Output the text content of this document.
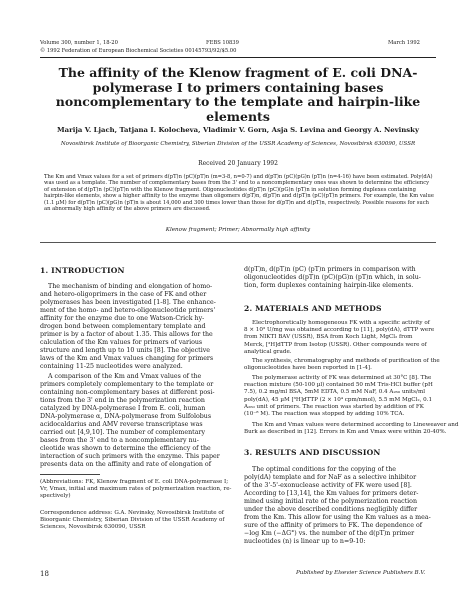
Volume 300, number 1, 18-20	FEBS 10839	March 1992
© 1992 Federation of European Biochemical Societies 00145793/92/$5.00
The affinity of the Klenow fragment of E. coli DNA-polymerase I to primers containing bases noncomplementary to the template and hairpin-like elements
Marija V. Ljach, Tatjana I. Kolocheva, Vladimir V. Gorn, Asja S. Levina and Georgy A. Nevinsky
Novosibirsk Institute of Bioorganic Chemistry, Siberian Division of the USSR Academy of Sciences, Novosibirsk 630090, USSR
Received 20 January 1992
The Km and Vmax values for a set of primers d(pT)n (pC)(pT)n (m=3-8, n=0-7) and d(pT)n (pC)(pG)n (pT)n (n=4-16) have been estimated. Poly(dA)
was used as a template. The number of complementary bases from the 3' end to a noncomplementary ones was shown to determine the efficiency
of extension of d(pT)n (pC)(pT)n with the Klenow fragment. Oligonucleotides d(pT)n (pC)(pG)n (pT)n in solution forming duplexes containing
hairpin-like elements, show a higher affinity to the enzyme than oligomers d(pT)n, d(pT)n and d(pT)n (pC)(pT)n primers. For example, the Km value
(1.1 µM) for d(pT)n (pC)(pG)n (pT)n is about 14,000 and 300 times lower than those for d(pT)n and d(pT)n, respectively. Possible reasons for such
an abnormally high affinity of the above primers are discussed.
Klenow fragment; Primer; Abnormally high affinity
1. INTRODUCTION
The mechanism of binding and elongation of homo-
and hetero-oligoprimers in the case of FK and other
polymerases has been investigated [1-8]. The enhance-
ment of the homo- and hetero-oligonucleotide primers'
affinity for the enzyme due to one Watson-Crick hy-
drogen bond between complementary template and
primer is by a factor of about 1.35. This allows for the
calculation of the Km values for primers of various
structure and length up to 10 units [8]. The objective
laws of the Km and Vmax values changing for primers
containing 11-25 nucleotides were analyzed.
A comparison of the Km and Vmax values of the
primers completely complementary to the template or
containing non-complementary bases at different posi-
tions from the 3' end in the polymerization reaction
catalyzed by DNA-polymerase I from E. coli, human
DNA-polymerase α, DNA-polymerase from Sulfolobus
acidocaldarius and AMV reverse transcriptase was
carried out [4,9,10]. The number of complementary
bases from the 3' end to a noncomplementary nu-
cleotide was shown to determine the efficiency of the
interaction of such primers with the enzyme. This paper
presents data on the affinity and rate of elongation of
(Abbreviations: FK, Klenow fragment of E. coli DNA-polymerase I;
Vr, Vmax, initial and maximum rates of polymerization reaction, re-
spectively)
Correspondence address: G.A. Nevinsky, Novosibirsk Institute of
Bioorganic Chemistry, Siberian Division of the USSR Academy of
Sciences, Novosibirsk 630090, USSR
d(pT)n, d(pT)n (pC) (pT)n primers in comparison with
oligonucleotides d(pT)n (pC)(pG)n (pT)n which, in solu-
tion, form duplexes containing hairpin-like elements.
2. MATERIALS AND METHODS
Electrophoretically homogeneous FK with a specific activity of
8 × 10³ U/mg was obtained according to [11], poly(dA), dTTP were
from NIKTI BAV (USSR), BSA from Koch Light, MgCl₂ from
Merck, [³H]dTTP from Isotop (USSR). Other compounds were of
analytical grade.
The synthesis, chromatography and methods of purification of the
oligonucleotides have been reported in [1-4].
The polymerase activity of FK was determined at 30°C [8]. The
reaction mixture (50-100 µl) contained 50 mM Tris-HCl buffer (pH
7.5), 0.2 mg/ml BSA, 5mM EDTA, 0.5 mM NaF, 0.4 A₂₆₀ units/ml
poly(dA), 45 µM [³H]dTTP (2 × 10⁴ cpm/nmol), 5.5 mM MgCl₂, 0.1
A₂₆₀ unit of primers. The reaction was started by addition of FK
(10⁻⁸ M). The reaction was stopped by adding 10% TCA.
The Km and Vmax values were determined according to Lineweaver and
Burk as described in [12]. Errors in Km and Vmax were within 20-40%.
3. RESULTS AND DISCUSSION
The optimal conditions for the copying of the
poly(dA) template and for NaF as a selective inhibitor
of the 3'-5'-exonuclease activity of FK were used [8].
According to [13,14], the Km values for primers deter-
mined using initial rate of the polymerization reaction
under the above described conditions negligibly differ
from the Km. This allow for using the Km values as a mea-
sure of the affinity of primers to FK. The dependence of
−log Km (−ΔG°) vs. the number of the d(pT)n primer
nucleotides (n) is linear up to n=9-10:
18	Published by Elsevier Science Publishers B.V.
